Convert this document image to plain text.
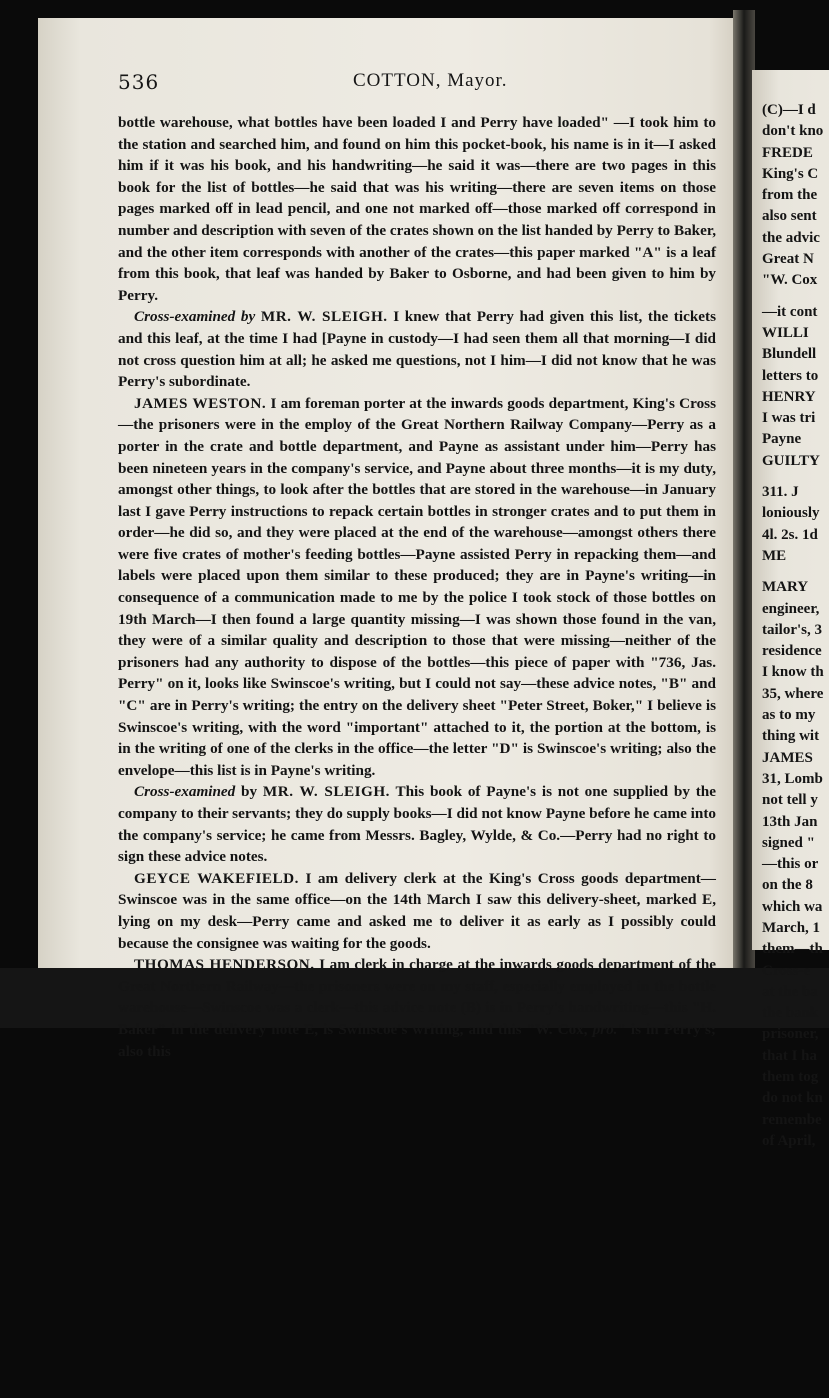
536	COTTON, Mayor.

bottle warehouse, what bottles have been loaded I and Perry have loaded" —I took him to the station and searched him, and found on him this pocket-book, his name is in it—I asked him if it was his book, and his handwriting—he said it was—there are two pages in this book for the list of bottles—he said that was his writing—there are seven items on those pages marked off in lead pencil, and one not marked off—those marked off correspond in number and description with seven of the crates shown on the list handed by Perry to Baker, and the other item corresponds with another of the crates—this paper marked "A" is a leaf from this book, that leaf was handed by Baker to Osborne, and had been given to him by Perry.

Cross-examined by MR. W. SLEIGH. I knew that Perry had given this list, the tickets and this leaf, at the time I had [Payne in custody—I had seen them all that morning—I did not cross question him at all; he asked me questions, not I him—I did not know that he was Perry's subordinate.

JAMES WESTON. I am foreman porter at the inwards goods department, King's Cross—the prisoners were in the employ of the Great Northern Railway Company—Perry as a porter in the crate and bottle department, and Payne as assistant under him—Perry has been nineteen years in the company's service, and Payne about three months—it is my duty, amongst other things, to look after the bottles that are stored in the warehouse—in January last I gave Perry instructions to repack certain bottles in stronger crates and to put them in order—he did so, and they were placed at the end of the warehouse—amongst others there were five crates of mother's feeding bottles—Payne assisted Perry in repacking them—and labels were placed upon them similar to these produced; they are in Payne's writing—in consequence of a communication made to me by the police I took stock of those bottles on 19th March—I then found a large quantity missing—I was shown those found in the van, they were of a similar quality and description to those that were missing—neither of the prisoners had any authority to dispose of the bottles—this piece of paper with "736, Jas. Perry" on it, looks like Swinscoe's writing, but I could not say—these advice notes, "B" and "C" are in Perry's writing; the entry on the delivery sheet "Peter Street, Boker," I believe is Swinscoe's writing, with the word "important" attached to it, the portion at the bottom, is in the writing of one of the clerks in the office—the letter "D" is Swinscoe's writing; also the envelope—this list is in Payne's writing.

Cross-examined by MR. W. SLEIGH. This book of Payne's is not one supplied by the company to their servants; they do supply books—I did not know Payne before he came into the company's service; he came from Messrs. Bagley, Wylde, & Co.—Perry had no right to sign these advice notes.

GEYCE WAKEFIELD. I am delivery clerk at the King's Cross goods department—Swinscoe was in the same office—on the 14th March I saw this delivery-sheet, marked E, lying on my desk—Perry came and asked me to deliver it as early as I possibly could because the consignee was waiting for the goods.

THOMAS HENDERSON. I am clerk in charge at the inwards goods department of the Great Northern Railway—the prisoners were on my staff, especially employed in the bottle warehouse—Swinscoe was a clerk—this advice note (B) is in Perry's handwriting—this "H. Baker" in the delivery note E, is Swinscoe's writing, and this "W. Cox, pro." is in Perry's; also this

(C)—I d
don't kno
FREDE
King's C
from the
also sent
the advic
Great N
"W. Cox
—it cont
WILLI
Blundell
letters to
HENRY
I was tri
Payne
GUILTY
311. J
loniously
4l. 2s. 1d
ME
MARY
engineer,
tailor's, 3
residence
I know th
35, where
as to my
thing wit
JAMES
31, Lomb
not tell y
13th Jan
signed "
—this or
on the 8
which wa
March, 1
them—th
Cross-e
at the ba
the bank
prisoner,
that I ha
them tog
do not kn
remembe
of April,
